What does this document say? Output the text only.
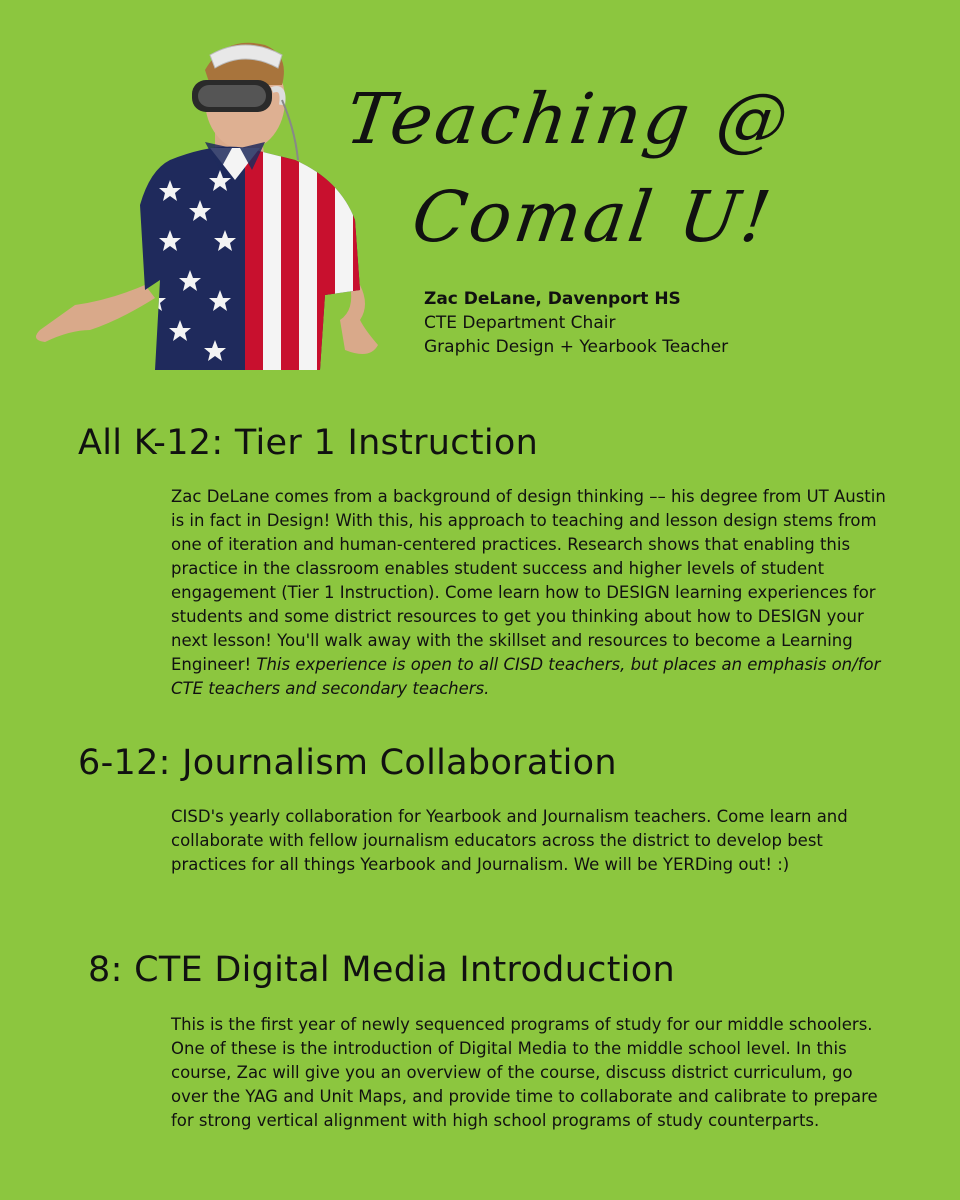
Teaching @
Comal U!
Zac DeLane, Davenport HS
CTE Department Chair
Graphic Design + Yearbook Teacher
All K-12: Tier 1 Instruction

Zac DeLane comes from a background of design thinking –– his degree from UT Austin is in fact in Design! With this, his approach to teaching and lesson design stems from one of iteration and human-centered practices. Research shows that enabling this practice in the classroom enables student success and higher levels of student engagement (Tier 1 Instruction). Come learn how to DESIGN learning experiences for students and some district resources to get you thinking about how to DESIGN your next lesson! You'll walk away with the skillset and resources to become a Learning Engineer! This experience is open to all CISD teachers, but places an emphasis on/for CTE teachers and secondary teachers.

6-12: Journalism Collaboration

CISD's yearly collaboration for Yearbook and Journalism teachers. Come learn and collaborate with fellow journalism educators across the district to develop best practices for all things Yearbook and Journalism. We will be YERDing out! :)

8: CTE Digital Media Introduction

This is the first year of newly sequenced programs of study for our middle schoolers. One of these is the introduction of Digital Media to the middle school level. In this course, Zac will give you an overview of the course, discuss district curriculum, go over the YAG and Unit Maps, and provide time to collaborate and calibrate to prepare for strong vertical alignment with high school programs of study counterparts.
